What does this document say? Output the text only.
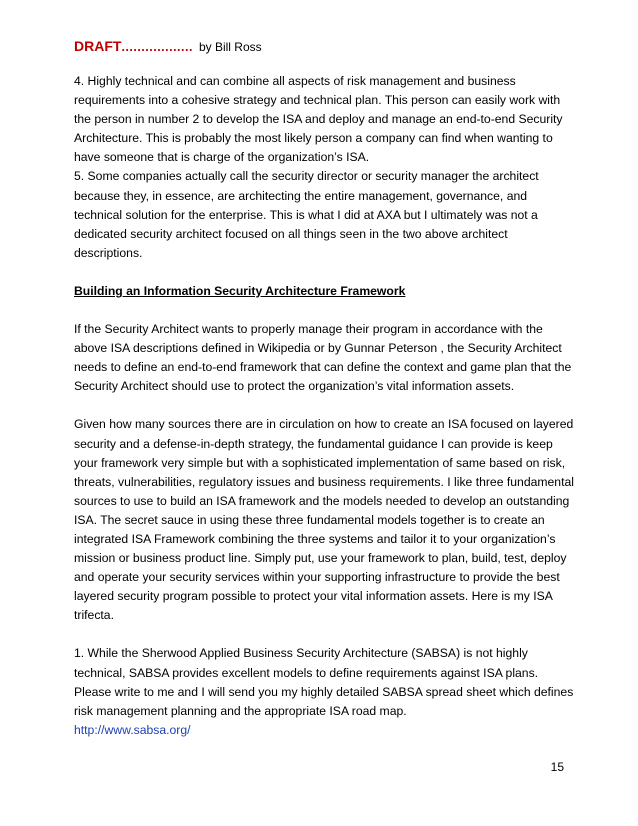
DRAFT.................. by Bill Ross

4. Highly technical and can combine all aspects of risk management and business requirements into a cohesive strategy and technical plan. This person can easily work with the person in number 2 to develop the ISA and deploy and manage an end-to-end Security Architecture. This is probably the most likely person a company can find when wanting to have someone that is charge of the organization’s ISA.

5. Some companies actually call the security director or security manager the architect because they, in essence, are architecting the entire management, governance, and technical solution for the enterprise. This is what I did at AXA but I ultimately was not a dedicated security architect focused on all things seen in the two above architect descriptions.

Building an Information Security Architecture Framework

If the Security Architect wants to properly manage their program in accordance with the above ISA descriptions defined in Wikipedia or by Gunnar Peterson , the Security Architect needs to define an end-to-end framework that can define the context and game plan that the Security Architect should use to protect the organization’s vital information assets.

Given how many sources there are in circulation on how to create an ISA focused on layered security and a defense-in-depth strategy, the fundamental guidance I can provide is keep your framework very simple but with a sophisticated implementation of same based on risk, threats, vulnerabilities, regulatory issues and business requirements. I like three fundamental sources to use to build an ISA framework and the models needed to develop an outstanding ISA. The secret sauce in using these three fundamental models together is to create an integrated ISA Framework combining the three systems and tailor it to your organization’s mission or business product line. Simply put, use your framework to plan, build, test, deploy and operate your security services within your supporting infrastructure to provide the best layered security program possible to protect your vital information assets. Here is my ISA trifecta.

1. While the Sherwood Applied Business Security Architecture (SABSA) is not highly technical, SABSA provides excellent models to define requirements against ISA plans. Please write to me and I will send you my highly detailed SABSA spread sheet which defines risk management planning and the appropriate ISA road map.

http://www.sabsa.org/

15
